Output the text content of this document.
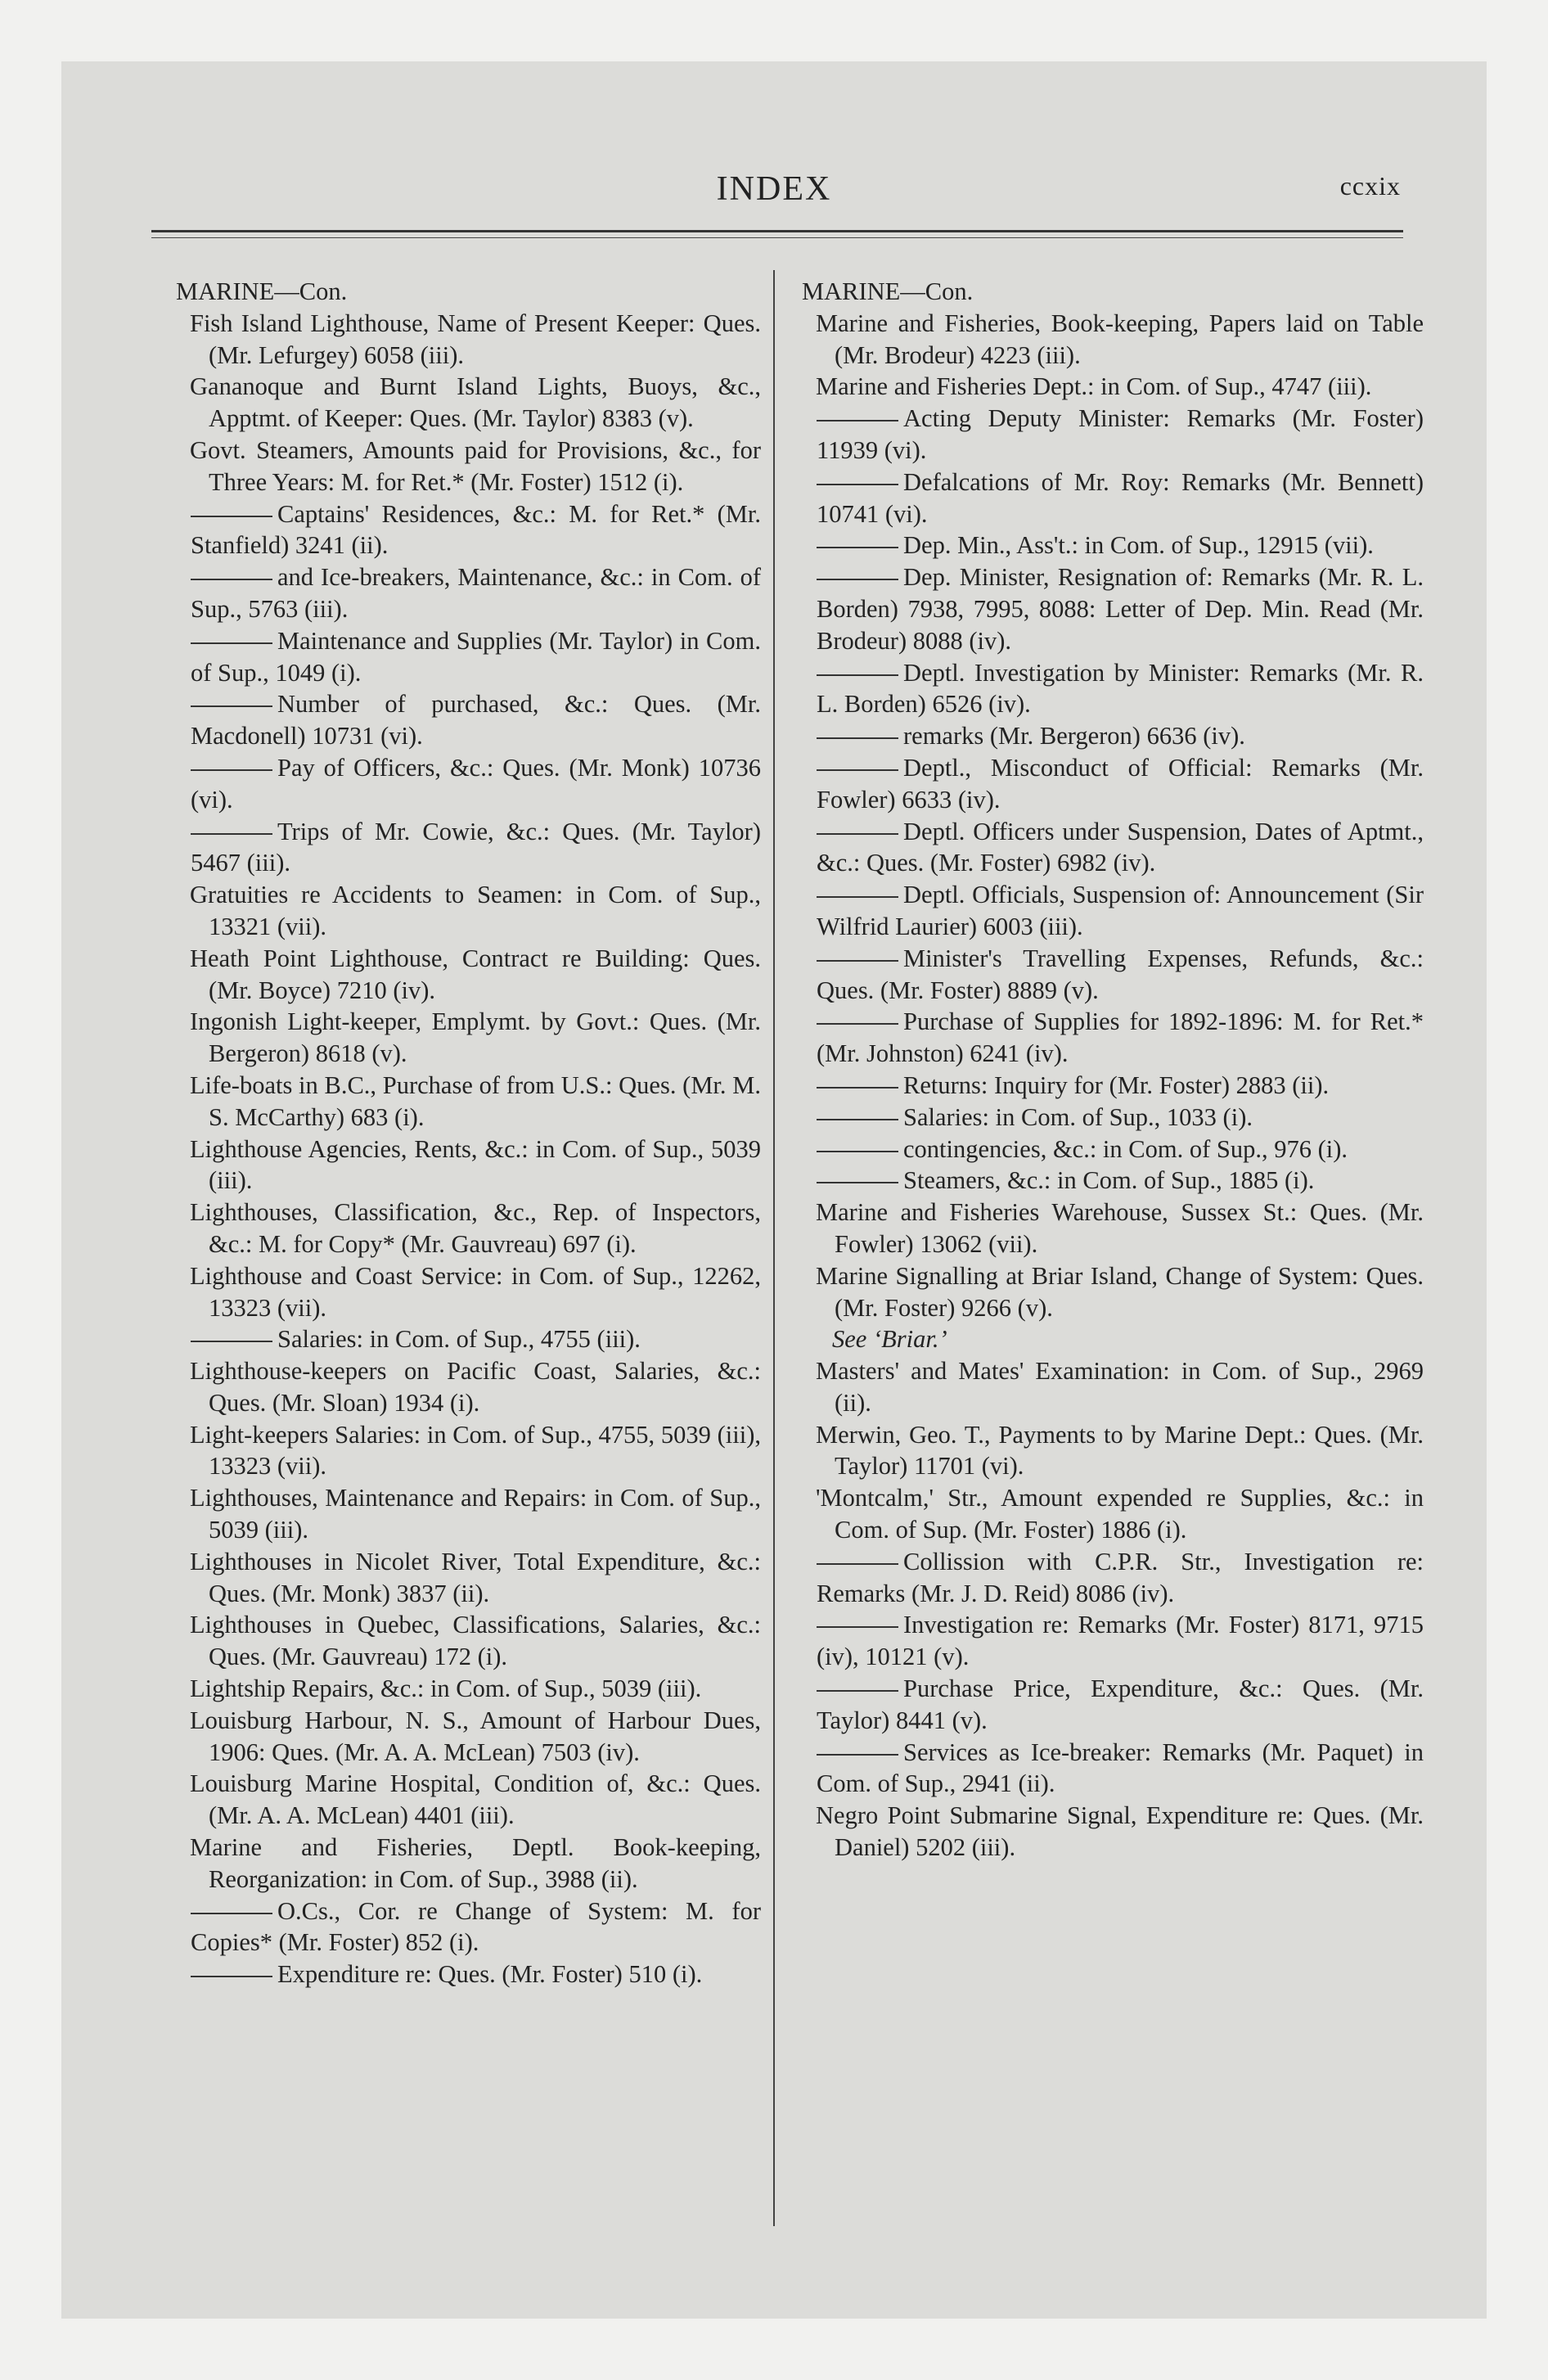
INDEX	ccxix
MARINE—Con.
Fish Island Lighthouse, Name of Present Keeper: Ques. (Mr. Lefurgey) 6058 (iii).
Gananoque and Burnt Island Lights, Buoys, &c., Apptmt. of Keeper: Ques. (Mr. Taylor) 8383 (v).
Govt. Steamers, Amounts paid for Provisions, &c., for Three Years: M. for Ret.* (Mr. Foster) 1512 (i).
Captains' Residences, &c.: M. for Ret.* (Mr. Stanfield) 3241 (ii).
and Ice-breakers, Maintenance, &c.: in Com. of Sup., 5763 (iii).
Maintenance and Supplies (Mr. Taylor) in Com. of Sup., 1049 (i).
Number of purchased, &c.: Ques. (Mr. Macdonell) 10731 (vi).
Pay of Officers, &c.: Ques. (Mr. Monk) 10736 (vi).
Trips of Mr. Cowie, &c.: Ques. (Mr. Taylor) 5467 (iii).
Gratuities re Accidents to Seamen: in Com. of Sup., 13321 (vii).
Heath Point Lighthouse, Contract re Building: Ques. (Mr. Boyce) 7210 (iv).
Ingonish Light-keeper, Emplymt. by Govt.: Ques. (Mr. Bergeron) 8618 (v).
Life-boats in B.C., Purchase of from U.S.: Ques. (Mr. M. S. McCarthy) 683 (i).
Lighthouse Agencies, Rents, &c.: in Com. of Sup., 5039 (iii).
Lighthouses, Classification, &c., Rep. of Inspectors, &c.: M. for Copy* (Mr. Gauvreau) 697 (i).
Lighthouse and Coast Service: in Com. of Sup., 12262, 13323 (vii).
Salaries: in Com. of Sup., 4755 (iii).
Lighthouse-keepers on Pacific Coast, Salaries, &c.: Ques. (Mr. Sloan) 1934 (i).
Light-keepers Salaries: in Com. of Sup., 4755, 5039 (iii), 13323 (vii).
Lighthouses, Maintenance and Repairs: in Com. of Sup., 5039 (iii).
Lighthouses in Nicolet River, Total Expenditure, &c.: Ques. (Mr. Monk) 3837 (ii).
Lighthouses in Quebec, Classifications, Salaries, &c.: Ques. (Mr. Gauvreau) 172 (i).
Lightship Repairs, &c.: in Com. of Sup., 5039 (iii).
Louisburg Harbour, N. S., Amount of Harbour Dues, 1906: Ques. (Mr. A. A. McLean) 7503 (iv).
Louisburg Marine Hospital, Condition of, &c.: Ques. (Mr. A. A. McLean) 4401 (iii).
Marine and Fisheries, Deptl. Book-keeping, Reorganization: in Com. of Sup., 3988 (ii).
O.Cs., Cor. re Change of System: M. for Copies* (Mr. Foster) 852 (i).
Expenditure re: Ques. (Mr. Foster) 510 (i).
MARINE—Con.
Marine and Fisheries, Book-keeping, Papers laid on Table (Mr. Brodeur) 4223 (iii).
Marine and Fisheries Dept.: in Com. of Sup., 4747 (iii).
Acting Deputy Minister: Remarks (Mr. Foster) 11939 (vi).
Defalcations of Mr. Roy: Remarks (Mr. Bennett) 10741 (vi).
Dep. Min., Ass't.: in Com. of Sup., 12915 (vii).
Dep. Minister, Resignation of: Remarks (Mr. R. L. Borden) 7938, 7995, 8088: Letter of Dep. Min. Read (Mr. Brodeur) 8088 (iv).
Deptl. Investigation by Minister: Remarks (Mr. R. L. Borden) 6526 (iv).
remarks (Mr. Bergeron) 6636 (iv).
Deptl., Misconduct of Official: Remarks (Mr. Fowler) 6633 (iv).
Deptl. Officers under Suspension, Dates of Aptmt., &c.: Ques. (Mr. Foster) 6982 (iv).
Deptl. Officials, Suspension of: Announcement (Sir Wilfrid Laurier) 6003 (iii).
Minister's Travelling Expenses, Refunds, &c.: Ques. (Mr. Foster) 8889 (v).
Purchase of Supplies for 1892-1896: M. for Ret.* (Mr. Johnston) 6241 (iv).
Returns: Inquiry for (Mr. Foster) 2883 (ii).
Salaries: in Com. of Sup., 1033 (i).
contingencies, &c.: in Com. of Sup., 976 (i).
Steamers, &c.: in Com. of Sup., 1885 (i).
Marine and Fisheries Warehouse, Sussex St.: Ques. (Mr. Fowler) 13062 (vii).
Marine Signalling at Briar Island, Change of System: Ques. (Mr. Foster) 9266 (v).
See ‘Briar.’
Masters' and Mates' Examination: in Com. of Sup., 2969 (ii).
Merwin, Geo. T., Payments to by Marine Dept.: Ques. (Mr. Taylor) 11701 (vi).
'Montcalm,' Str., Amount expended re Supplies, &c.: in Com. of Sup. (Mr. Foster) 1886 (i).
Collission with C.P.R. Str., Investigation re: Remarks (Mr. J. D. Reid) 8086 (iv).
Investigation re: Remarks (Mr. Foster) 8171, 9715 (iv), 10121 (v).
Purchase Price, Expenditure, &c.: Ques. (Mr. Taylor) 8441 (v).
Services as Ice-breaker: Remarks (Mr. Paquet) in Com. of Sup., 2941 (ii).
Negro Point Submarine Signal, Expenditure re: Ques. (Mr. Daniel) 5202 (iii).
